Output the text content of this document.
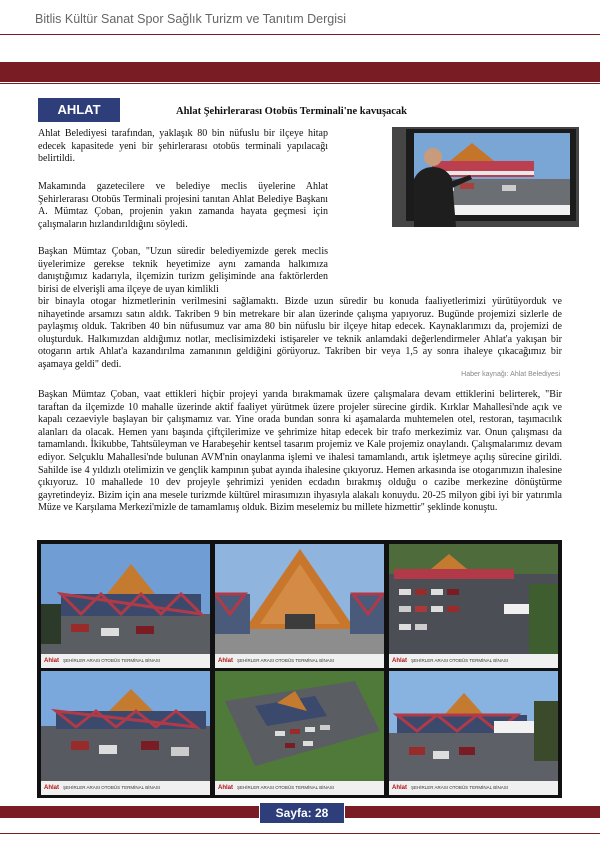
Bitlis Kültür Sanat Spor Sağlık Turizm ve Tanıtım Dergisi
AHLAT	Ahlat Şehirlerarası Otobüs Terminali'ne kavuşacak

Ahlat Belediyesi tarafından, yaklaşık 80 bin nüfuslu bir ilçeye hitap edecek kapasitede yeni bir şehirlerarası otobüs terminali yapılacağı belirtildi.

Makamında gazetecilere ve belediye meclis üyelerine Ahlat Şehirlerarası Otobüs Terminali projesini tanıtan Ahlat Belediye Başkanı A. Mümtaz Çoban, projenin yakın zamanda hayata geçmesi için çalışmaların hızlandırıldığını söyledi.

Başkan Mümtaz Çoban, "Uzun süredir belediyemizde gerek meclis üyelerimize gerekse teknik heyetimize aynı zamanda halkımıza danıştığımız kadarıyla, ilçemizin turizm gelişiminde ana faktörlerden birisi de elverişli ama ilçeye de uyan kimlikli

bir binayla otogar hizmetlerinin verilmesini sağlamaktı. Bizde uzun süredir bu konuda faaliyetlerimizi yürütüyorduk ve nihayetinde arsamızı satın aldık. Takriben 9 bin metrekare bir alan üzerinde çalışma yapıyoruz. Bugünde projemizi sizlerle de paylaşmış olduk. Takriben 40 bin nüfusumuz var ama 80 bin nüfuslu bir ilçeye hitap edecek. Kaynaklarımızı da, projemizi de oluşturduk. Halkımızdan aldığımız notlar, meclisimizdeki istişareler ve teknik anlamdaki değerlendirmeler Ahlat'a yakışan bir otogarın artık Ahlat'a kazandırılma zamanının geldiğini görüyoruz. Takriben bir veya 1,5 ay sonra ihaleye çıkacağımız bir aşamaya geldi" dedi.

Haber kaynağı: Ahlat Belediyesi

Başkan Mümtaz Çoban, vaat ettikleri hiçbir projeyi yarıda bırakmamak üzere çalışmalara devam ettiklerini belirterek, "Bir taraftan da ilçemizde 10 mahalle üzerinde aktif faaliyet yürütmek üzere projeler sürecine girdik. Kırklar Mahallesi'nde açık ve kapalı cezaeviyle başlayan bir çalışmamız var. Yine orada bundan sonra ki aşamalarda muhtemelen otel, restoran, taşımacılık alanları da olacak. Hemen yanı başında çiftçilerimize ve şehrimize hitap edecek bir trafo merkezimiz var. Onun çalışması da tamamlandı. İkikubbe, Tahtsüleyman ve Harabeşehir kentsel tasarım projemiz ve Kale projemiz onaylandı. Çalışmalarımız devam ediyor. Selçuklu Mahallesi'nde bulunan AVM'nin onaylanma işlemi ve ihalesi tamamlandı, artık işletmeye açılış sürecine girildi. Sahilde ise 4 yıldızlı otelimizin ve gençlik kampının şubat ayında ihalesine çıkıyoruz. Hemen arkasında ise otogarımızın ihalesine çıkıyoruz. 10 mahallede 10 dev projeyle şehrimizi yeniden ecdadın bırakmış olduğu o cazibe merkezine dönüştürme gayretindeyiz. Bizim için ana mesele turizmde kültürel mirasımızın ihyasıyla alakalı konuydu. 20-25 milyon gibi iyi bir yatırımla Müze ve Karşılama Merkezi'mizle de tamamlamış olduk. Bizim meselemiz bu millete hizmettir" şeklinde konuştu.

Ahlat ŞEHİRLER ARASI OTOBÜS TERMİNAL BİNASI	Ahlat ŞEHİRLER ARASI OTOBÜS TERMİNAL BİNASI	Ahlat ŞEHİRLER ARASI OTOBÜS TERMİNAL BİNASI
Ahlat ŞEHİRLER ARASI OTOBÜS TERMİNAL BİNASI	Ahlat ŞEHİRLER ARASI OTOBÜS TERMİNAL BİNASI	Ahlat ŞEHİRLER ARASI OTOBÜS TERMİNAL BİNASI
Sayfa: 28
